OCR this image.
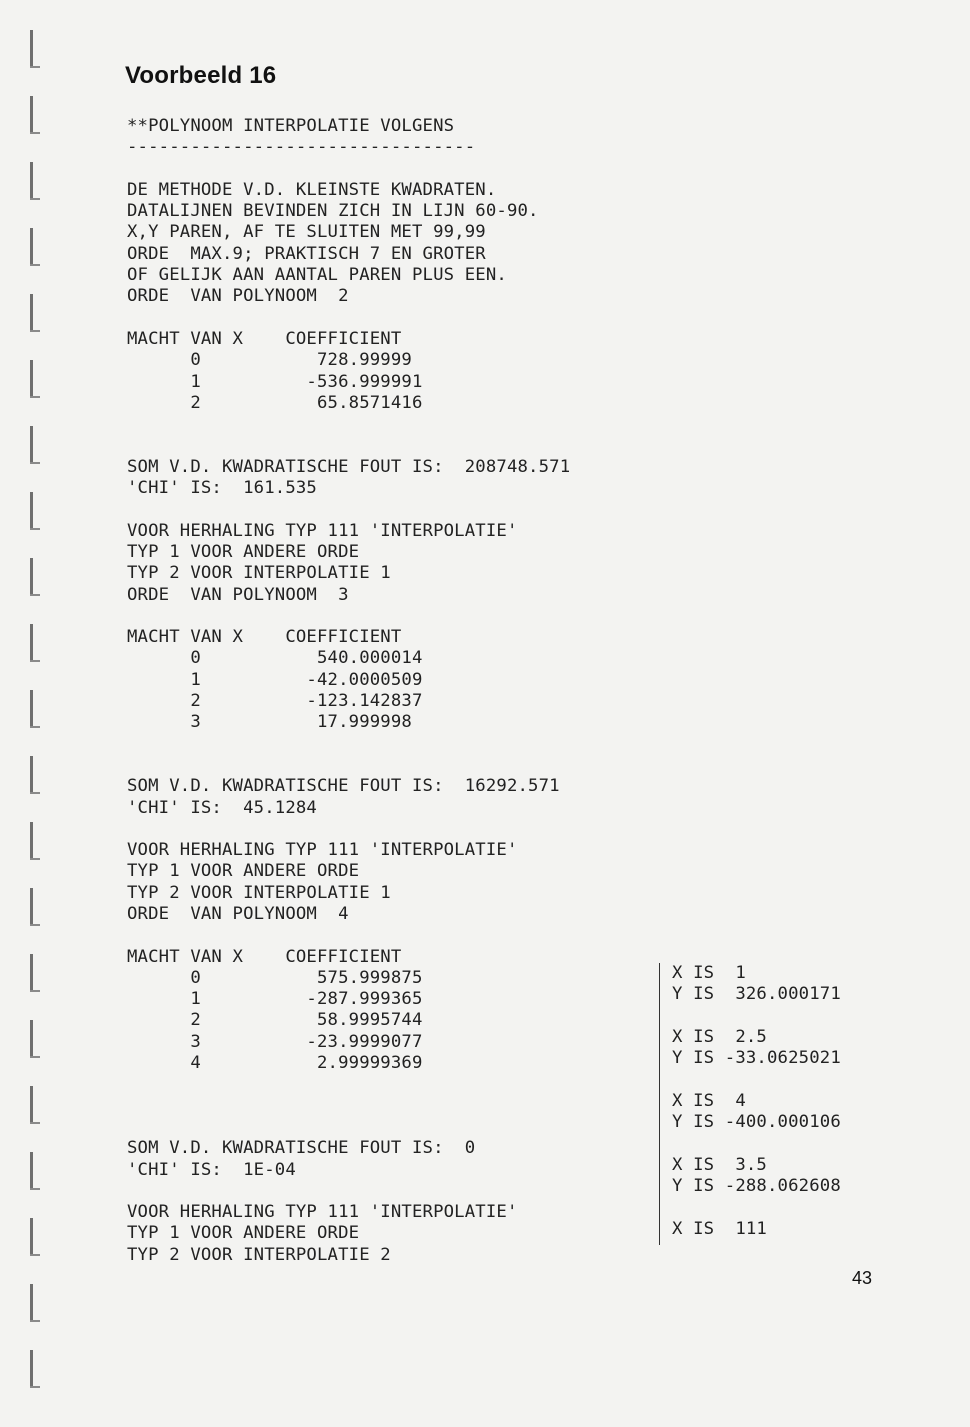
Voorbeeld 16
**POLYNOOM INTERPOLATIE VOLGENS
---------------------------------
DE METHODE V.D. KLEINSTE KWADRATEN.
DATALIJNEN BEVINDEN ZICH IN LIJN 60-90.
X,Y PAREN, AF TE SLUITEN MET 99,99
ORDE  MAX.9; PRAKTISCH 7 EN GROTER
OF GELIJK AAN AANTAL PAREN PLUS EEN.
ORDE  VAN POLYNOOM  2
MACHT VAN X    COEFFICIENT
0           728.99999
1          -536.999991
2           65.8571416
SOM V.D. KWADRATISCHE FOUT IS:  208748.571
'CHI' IS:  161.535
VOOR HERHALING TYP 111 'INTERPOLATIE'
TYP 1 VOOR ANDERE ORDE
TYP 2 VOOR INTERPOLATIE 1
ORDE  VAN POLYNOOM  3
MACHT VAN X    COEFFICIENT
0           540.000014
1          -42.0000509
2          -123.142837
3           17.999998
SOM V.D. KWADRATISCHE FOUT IS:  16292.571
'CHI' IS:  45.1284
VOOR HERHALING TYP 111 'INTERPOLATIE'
TYP 1 VOOR ANDERE ORDE
TYP 2 VOOR INTERPOLATIE 1
ORDE  VAN POLYNOOM  4
MACHT VAN X    COEFFICIENT
0           575.999875
1          -287.999365
2           58.9995744
3          -23.9999077
4           2.99999369
SOM V.D. KWADRATISCHE FOUT IS:  0
'CHI' IS:  1E-04
VOOR HERHALING TYP 111 'INTERPOLATIE'
TYP 1 VOOR ANDERE ORDE
TYP 2 VOOR INTERPOLATIE 2
X IS  1
Y IS  326.000171
X IS  2.5
Y IS -33.0625021
X IS  4
Y IS -400.000106
X IS  3.5
Y IS -288.062608
X IS  111
43
